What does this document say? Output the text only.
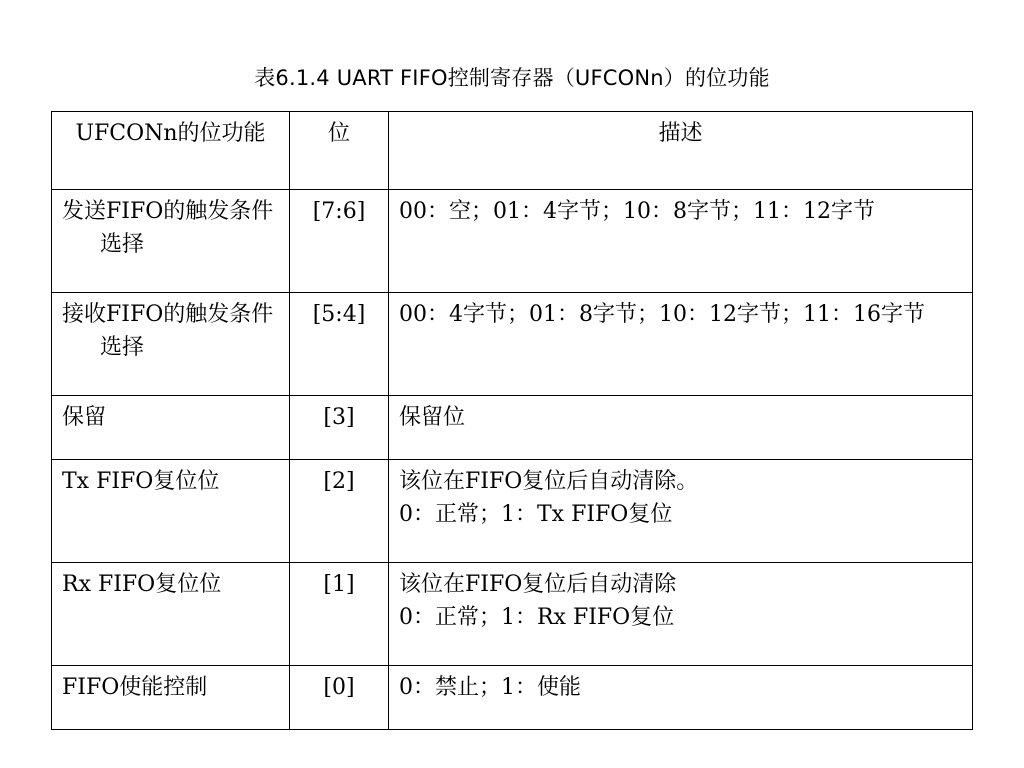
表6.1.4 UART FIFO控制寄存器（UFCONn）的位功能
UFCONn的位功能	位	描述

发送FIFO的触发条件选择	[7:6]	00：空；01：4字节；10：8字节；11：12字节

接收FIFO的触发条件选择	[5:4]	00：4字节；01：8字节；10：12字节；11：16字节

保留	[3]	保留位
Tx FIFO复位位	[2]	该位在FIFO复位后自动清除。
0：正常；1：Tx FIFO复位

Rx FIFO复位位	[1]	该位在FIFO复位后自动清除
0：正常；1：Rx FIFO复位

FIFO使能控制	[0]	0：禁止；1：使能
